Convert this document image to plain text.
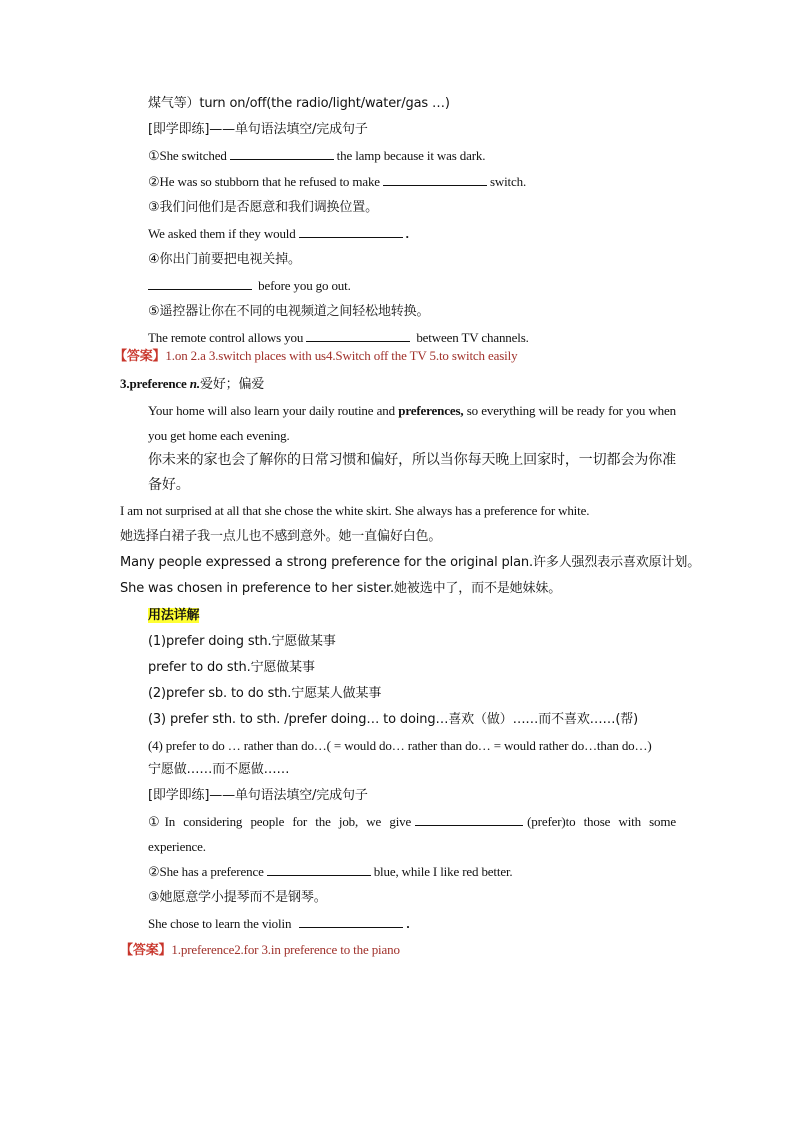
煤气等）turn on/off(the radio/light/water/gas …)

[即学即练]——单句语法填空/完成句子

①She switched	the lamp because it was dark.

②He was so stubborn that he refused to make	switch.

③我们问他们是否愿意和我们调换位置。

We asked them if they would	.

④你出门前要把电视关掉。

before you go out.

⑤遥控器让你在不同的电视频道之间轻松地转换。

The remote control allows you	between TV channels.

【答案】1.on 2.a 3.switch places with us4.Switch off the TV 5.to switch easily

3.preference n.爱好；偏爱

Your home will also learn your daily routine and preferences, so everything will be ready for you when you get home each evening.

你未来的家也会了解你的日常习惯和偏好，所以当你每天晚上回家时，一切都会为你准备好。

I am not surprised at all that she chose the white skirt. She always has a preference for white.

她选择白裙子我一点儿也不感到意外。她一直偏好白色。

Many people expressed a strong preference for the original plan.许多人强烈表示喜欢原计划。

She was chosen in preference to her sister.她被选中了，而不是她妹妹。

用法详解

(1)prefer doing sth.宁愿做某事

prefer to do sth.宁愿做某事

(2)prefer sb. to do sth.宁愿某人做某事

(3) prefer sth. to sth. /prefer doing… to doing…喜欢（做）……而不喜欢……(帮)

(4) prefer to do … rather than do…( = would do… rather than do… = would rather do…than do…)

宁愿做……而不愿做……

[即学即练]——单句语法填空/完成句子

①In considering people for the job, we give	(prefer)to those with some experience.

②She has a preference	blue, while I like red better.

③她愿意学小提琴而不是钢琴。

She chose to learn the violin	.

【答案】1.preference2.for 3.in preference to the piano
